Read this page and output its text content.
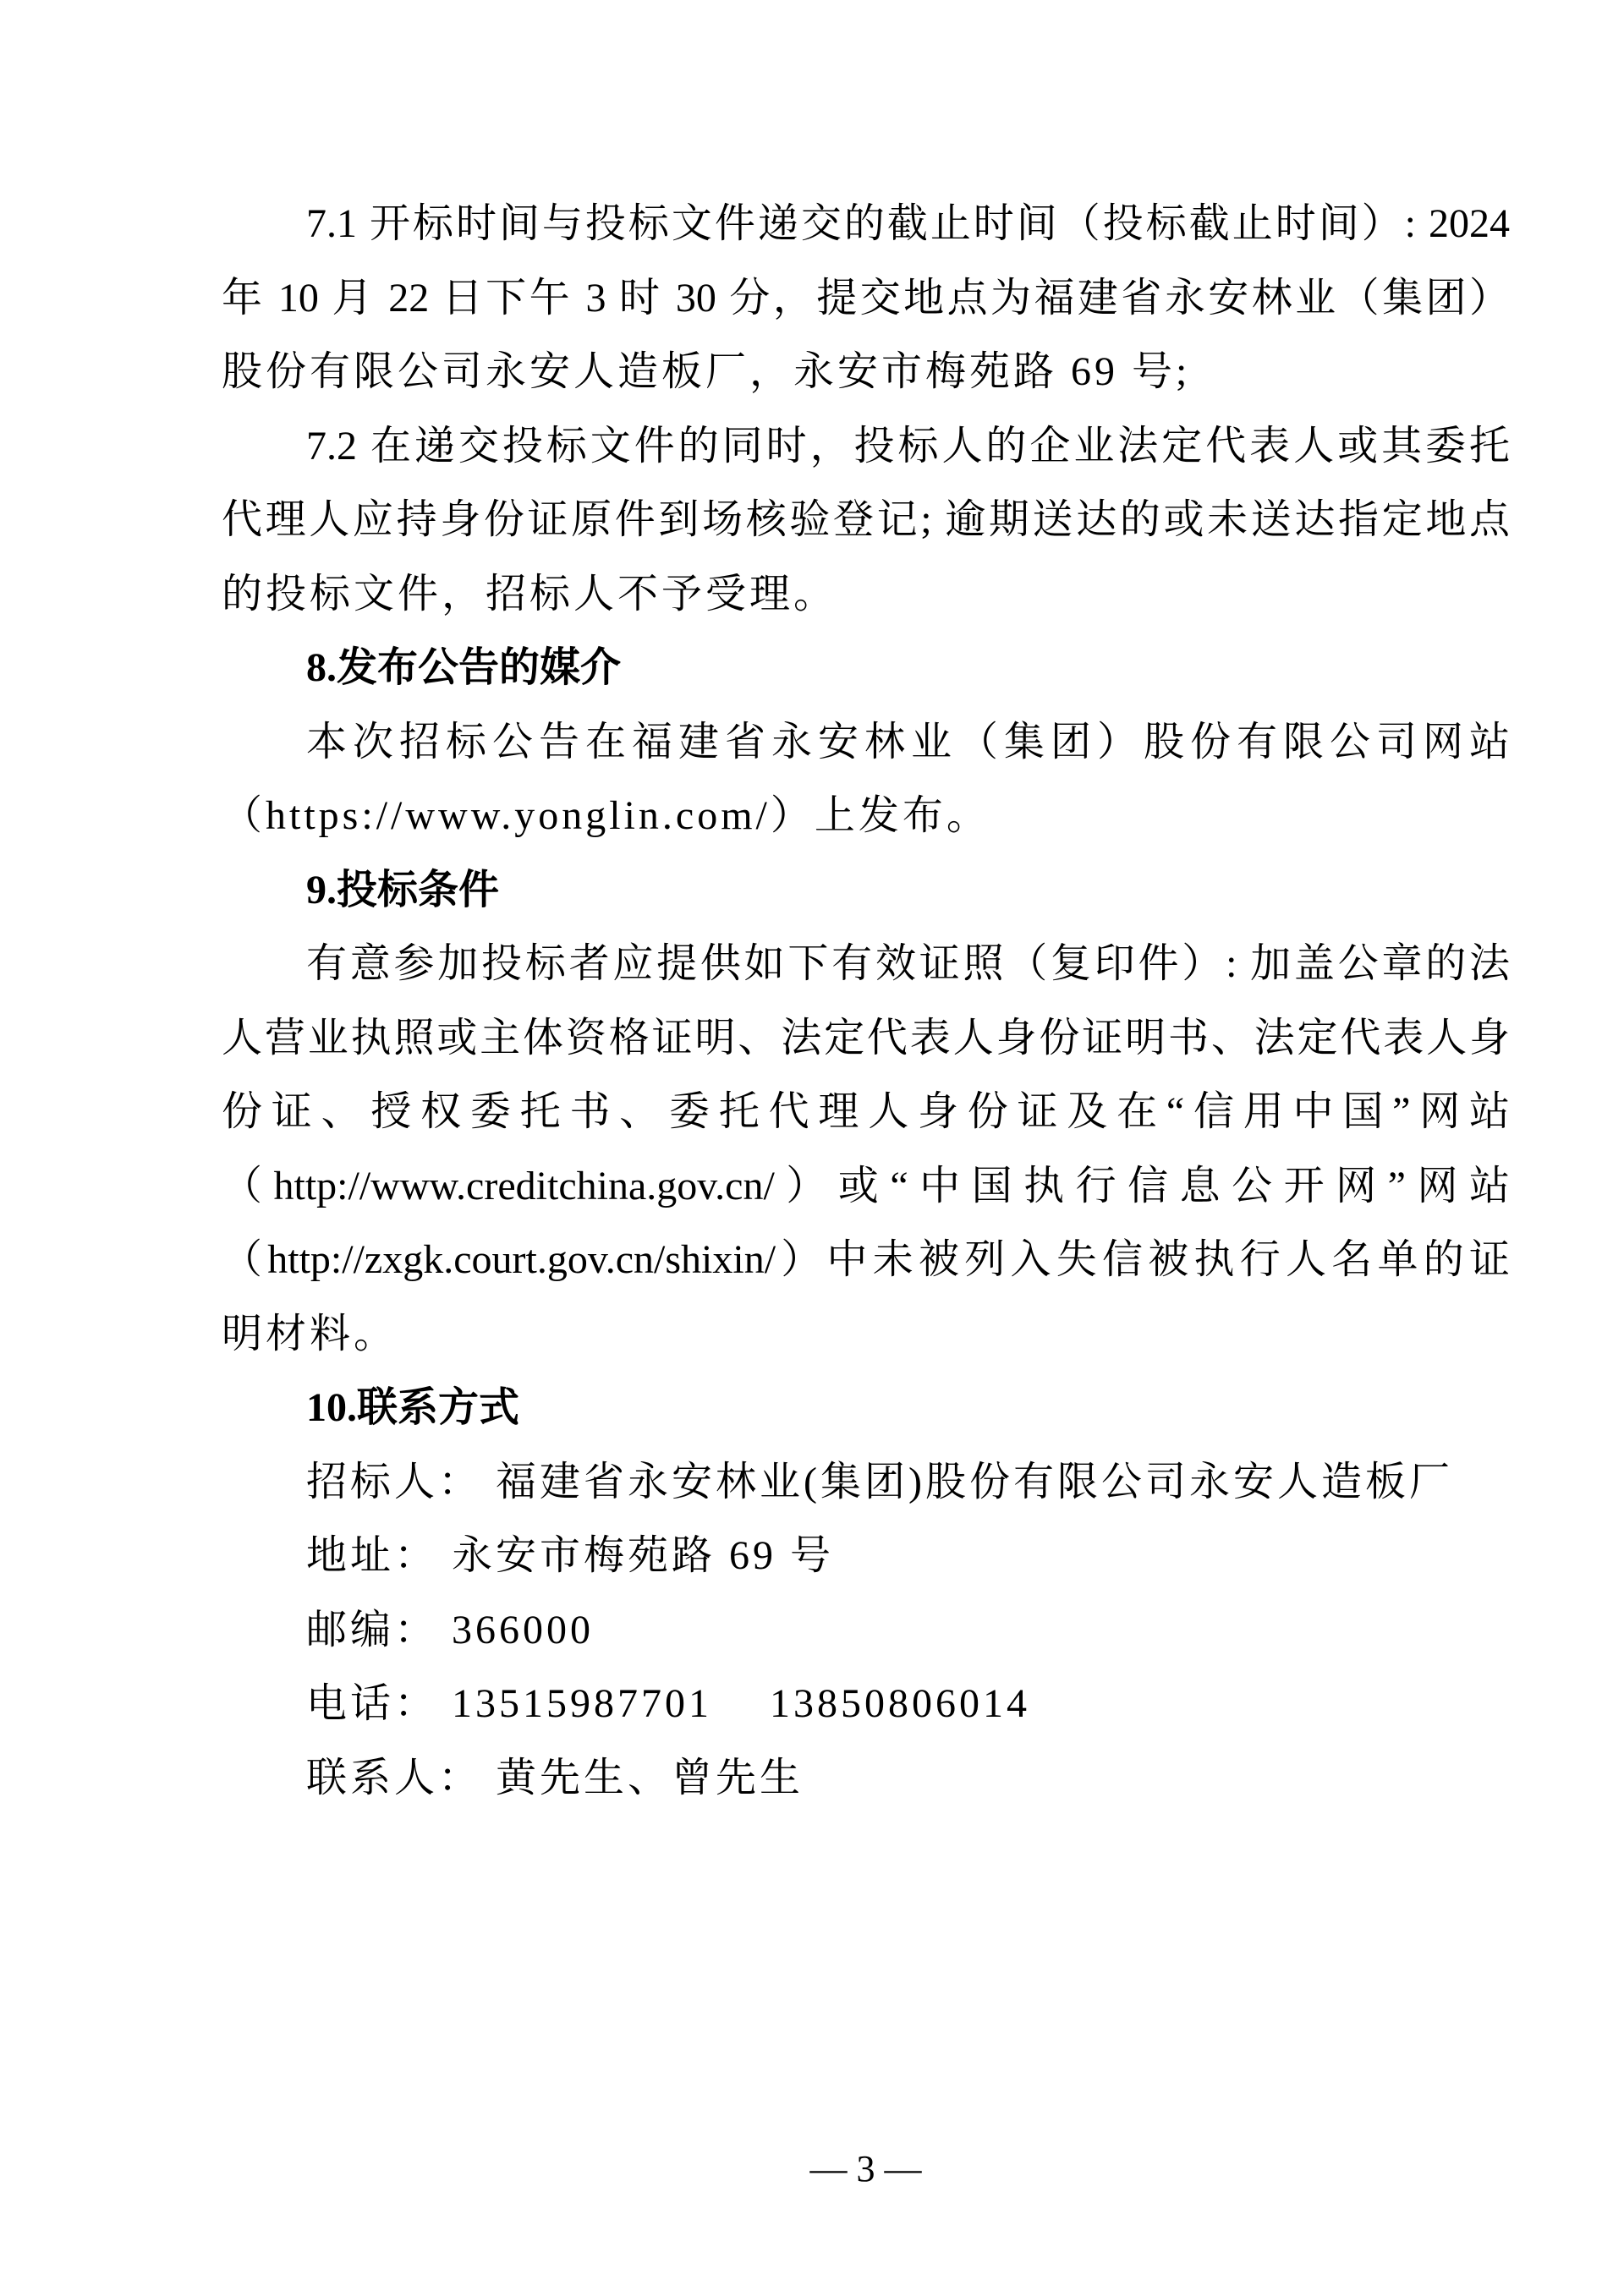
7.1 开标时间与投标文件递交的截止时间（投标截止时间）: 2024
年 10 月 22 日下午 3 时 30 分，提交地点为福建省永安林业（集团）
股份有限公司永安人造板厂，永安市梅苑路 69 号;
7.2 在递交投标文件的同时，投标人的企业法定代表人或其委托
代理人应持身份证原件到场核验登记; 逾期送达的或未送达指定地点
的投标文件，招标人不予受理。
8.发布公告的媒介
本次招标公告在福建省永安林业（集团）股份有限公司网站
（https://www.yonglin.com/）上发布。
9.投标条件
有意参加投标者应提供如下有效证照（复印件）: 加盖公章的法
人营业执照或主体资格证明、法定代表人身份证明书、法定代表人身
份证、授权委托书、委托代理人身份证及在“信用中国”网站
（http://www.creditchina.gov.cn/）或“中国执行信息公开网”网站
（http://zxgk.court.gov.cn/shixin/）中未被列入失信被执行人名单的证
明材料。
10.联系方式
招标人： 福建省永安林业(集团)股份有限公司永安人造板厂
地址： 永安市梅苑路 69 号
邮编： 366000
电话： 13515987701　 13850806014
联系人： 黄先生、曾先生
— 3 —
